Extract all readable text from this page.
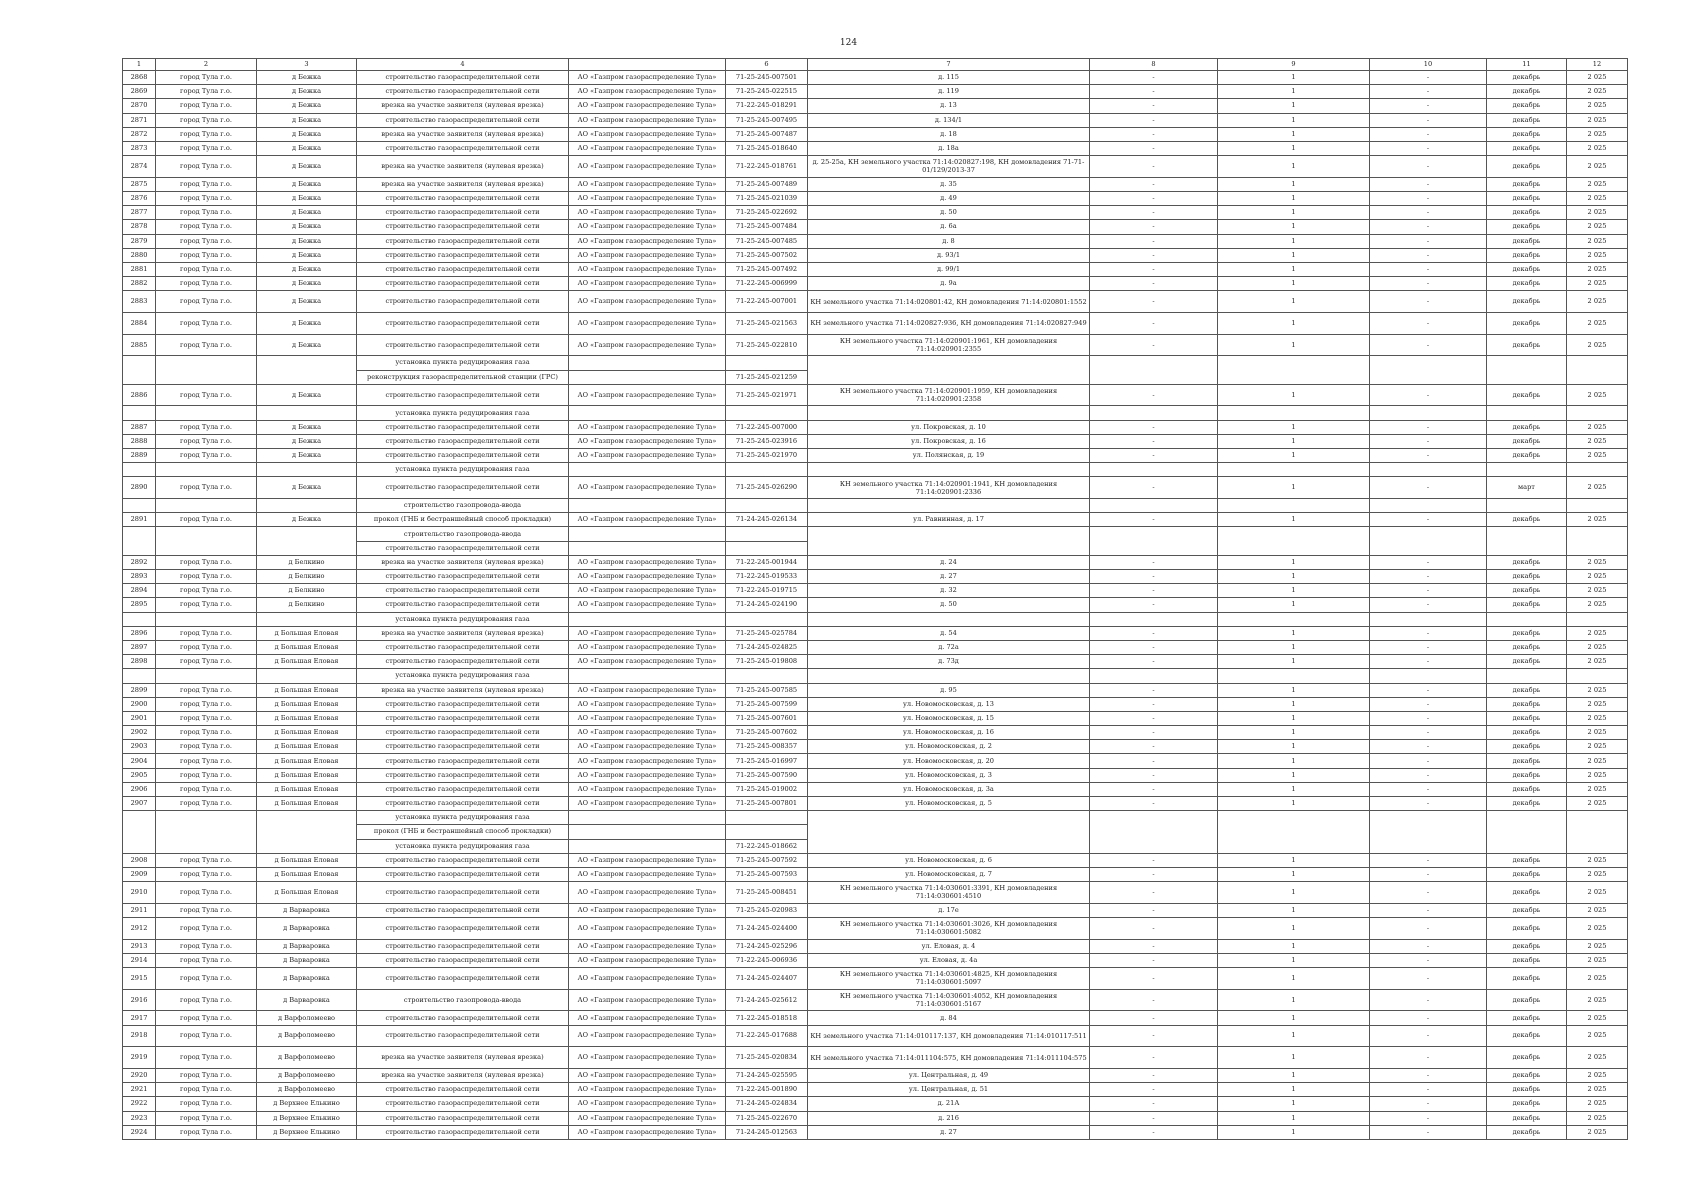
124
1	2	3	4		6	7	8	9	10	11	12
2868	город Тула г.о.	д Бежка	строительство газораспределительной сети	АО «Газпром газораспределение Тула»	71-25-245-007501	д. 115	-	1	-	декабрь	2 025
2869	город Тула г.о.	д Бежка	строительство газораспределительной сети	АО «Газпром газораспределение Тула»	71-25-245-022515	д. 119	-	1	-	декабрь	2 025
2870	город Тула г.о.	д Бежка	врезка на участке заявителя (нулевая врезка)	АО «Газпром газораспределение Тула»	71-22-245-018291	д. 13	-	1	-	декабрь	2 025
2871	город Тула г.о.	д Бежка	строительство газораспределительной сети	АО «Газпром газораспределение Тула»	71-25-245-007495	д. 134/1	-	1	-	декабрь	2 025
2872	город Тула г.о.	д Бежка	врезка на участке заявителя (нулевая врезка)	АО «Газпром газораспределение Тула»	71-25-245-007487	д. 18	-	1	-	декабрь	2 025
2873	город Тула г.о.	д Бежка	строительство газораспределительной сети	АО «Газпром газораспределение Тула»	71-25-245-018640	д. 18а	-	1	-	декабрь	2 025
2874	город Тула г.о.	д Бежка	врезка на участке заявителя (нулевая врезка)	АО «Газпром газораспределение Тула»	71-22-245-018761	д. 25-25а, КН земельного участка 71:14:020827:198, КН домовладения 71-71-01/129/2013-37	-	1	-	декабрь	2 025
2875	город Тула г.о.	д Бежка	врезка на участке заявителя (нулевая врезка)	АО «Газпром газораспределение Тула»	71-25-245-007489	д. 35	-	1	-	декабрь	2 025
2876	город Тула г.о.	д Бежка	строительство газораспределительной сети	АО «Газпром газораспределение Тула»	71-25-245-021039	д. 49	-	1	-	декабрь	2 025
2877	город Тула г.о.	д Бежка	строительство газораспределительной сети	АО «Газпром газораспределение Тула»	71-25-245-022692	д. 50	-	1	-	декабрь	2 025
2878	город Тула г.о.	д Бежка	строительство газораспределительной сети	АО «Газпром газораспределение Тула»	71-25-245-007484	д. 6а	-	1	-	декабрь	2 025
2879	город Тула г.о.	д Бежка	строительство газораспределительной сети	АО «Газпром газораспределение Тула»	71-25-245-007485	д. 8	-	1	-	декабрь	2 025
2880	город Тула г.о.	д Бежка	строительство газораспределительной сети	АО «Газпром газораспределение Тула»	71-25-245-007502	д. 93/1	-	1	-	декабрь	2 025
2881	город Тула г.о.	д Бежка	строительство газораспределительной сети	АО «Газпром газораспределение Тула»	71-25-245-007492	д. 99/1	-	1	-	декабрь	2 025
2882	город Тула г.о.	д Бежка	строительство газораспределительной сети	АО «Газпром газораспределение Тула»	71-22-245-006999	д. 9а	-	1	-	декабрь	2 025
2883	город Тула г.о.	д Бежка	строительство газораспределительной сети	АО «Газпром газораспределение Тула»	71-22-245-007001	КН земельного участка 71:14:020801:42, КН домовладения 71:14:020801:1552	-	1	-	декабрь	2 025
2884	город Тула г.о.	д Бежка	строительство газораспределительной сети	АО «Газпром газораспределение Тула»	71-25-245-021563	КН земельного участка 71:14:020827:936, КН домовладения 71:14:020827:949	-	1	-	декабрь	2 025
2885	город Тула г.о.	д Бежка	строительство газораспределительной сети	АО «Газпром газораспределение Тула»	71-25-245-022810	КН земельного участка 71:14:020901:1961, КН домовладения 71:14:020901:2355	-	1	-	декабрь	2 025
			установка пункта редуцирования газа								
			реконструкция газораспределительной станции (ГРС)		71-25-245-021259						
2886	город Тула г.о.	д Бежка	строительство газораспределительной сети	АО «Газпром газораспределение Тула»	71-25-245-021971	КН земельного участка 71:14:020901:1959, КН домовладения 71:14:020901:2358	-	1	-	декабрь	2 025
			установка пункта редуцирования газа								
2887	город Тула г.о.	д Бежка	строительство газораспределительной сети	АО «Газпром газораспределение Тула»	71-22-245-007000	ул. Покровская, д. 10	-	1	-	декабрь	2 025
2888	город Тула г.о.	д Бежка	строительство газораспределительной сети	АО «Газпром газораспределение Тула»	71-25-245-023916	ул. Покровская, д. 16	-	1	-	декабрь	2 025
2889	город Тула г.о.	д Бежка	строительство газораспределительной сети	АО «Газпром газораспределение Тула»	71-25-245-021970	ул. Полянская, д. 19	-	1	-	декабрь	2 025
			установка пункта редуцирования газа								
2890	город Тула г.о.	д Бежка	строительство газораспределительной сети	АО «Газпром газораспределение Тула»	71-25-245-026290	КН земельного участка 71:14:020901:1941, КН домовладения 71:14:020901:2336	-	1	-	март	2 025
			строительство газопровода-ввода								
2891	город Тула г.о.	д Бежка	прокол (ГНБ и бестраншейный способ прокладки)	АО «Газпром газораспределение Тула»	71-24-245-026134	ул. Равнинная, д. 17	-	1	-	декабрь	2 025
			строительство газопровода-ввода								
			строительство газораспределительной сети								
2892	город Тула г.о.	д Белкино	врезка на участке заявителя (нулевая врезка)	АО «Газпром газораспределение Тула»	71-22-245-001944	д. 24	-	1	-	декабрь	2 025
2893	город Тула г.о.	д Белкино	строительство газораспределительной сети	АО «Газпром газораспределение Тула»	71-22-245-019533	д. 27	-	1	-	декабрь	2 025
2894	город Тула г.о.	д Белкино	строительство газораспределительной сети	АО «Газпром газораспределение Тула»	71-22-245-019715	д. 32	-	1	-	декабрь	2 025
2895	город Тула г.о.	д Белкино	строительство газораспределительной сети	АО «Газпром газораспределение Тула»	71-24-245-024190	д. 50	-	1	-	декабрь	2 025
			установка пункта редуцирования газа								
2896	город Тула г.о.	д Большая Еловая	врезка на участке заявителя (нулевая врезка)	АО «Газпром газораспределение Тула»	71-25-245-025784	д. 54	-	1	-	декабрь	2 025
2897	город Тула г.о.	д Большая Еловая	строительство газораспределительной сети	АО «Газпром газораспределение Тула»	71-24-245-024825	д. 72а	-	1	-	декабрь	2 025
2898	город Тула г.о.	д Большая Еловая	строительство газораспределительной сети	АО «Газпром газораспределение Тула»	71-25-245-019808	д. 73д	-	1	-	декабрь	2 025
			установка пункта редуцирования газа								
2899	город Тула г.о.	д Большая Еловая	врезка на участке заявителя (нулевая врезка)	АО «Газпром газораспределение Тула»	71-25-245-007585	д. 95	-	1	-	декабрь	2 025
2900	город Тула г.о.	д Большая Еловая	строительство газораспределительной сети	АО «Газпром газораспределение Тула»	71-25-245-007599	ул. Новомосковская, д. 13	-	1	-	декабрь	2 025
2901	город Тула г.о.	д Большая Еловая	строительство газораспределительной сети	АО «Газпром газораспределение Тула»	71-25-245-007601	ул. Новомосковская, д. 15	-	1	-	декабрь	2 025
2902	город Тула г.о.	д Большая Еловая	строительство газораспределительной сети	АО «Газпром газораспределение Тула»	71-25-245-007602	ул. Новомосковская, д. 16	-	1	-	декабрь	2 025
2903	город Тула г.о.	д Большая Еловая	строительство газораспределительной сети	АО «Газпром газораспределение Тула»	71-25-245-008357	ул. Новомосковская, д. 2	-	1	-	декабрь	2 025
2904	город Тула г.о.	д Большая Еловая	строительство газораспределительной сети	АО «Газпром газораспределение Тула»	71-25-245-016997	ул. Новомосковская, д. 20	-	1	-	декабрь	2 025
2905	город Тула г.о.	д Большая Еловая	строительство газораспределительной сети	АО «Газпром газораспределение Тула»	71-25-245-007590	ул. Новомосковская, д. 3	-	1	-	декабрь	2 025
2906	город Тула г.о.	д Большая Еловая	строительство газораспределительной сети	АО «Газпром газораспределение Тула»	71-25-245-019002	ул. Новомосковская, д. 3а	-	1	-	декабрь	2 025
2907	город Тула г.о.	д Большая Еловая	строительство газораспределительной сети	АО «Газпром газораспределение Тула»	71-25-245-007801	ул. Новомосковская, д. 5	-	1	-	декабрь	2 025
			установка пункта редуцирования газа								
			прокол (ГНБ и бестраншейный способ прокладки)								
			установка пункта редуцирования газа		71-22-245-018662						
2908	город Тула г.о.	д Большая Еловая	строительство газораспределительной сети	АО «Газпром газораспределение Тула»	71-25-245-007592	ул. Новомосковская, д. 6	-	1	-	декабрь	2 025
2909	город Тула г.о.	д Большая Еловая	строительство газораспределительной сети	АО «Газпром газораспределение Тула»	71-25-245-007593	ул. Новомосковская, д. 7	-	1	-	декабрь	2 025
2910	город Тула г.о.	д Большая Еловая	строительство газораспределительной сети	АО «Газпром газораспределение Тула»	71-25-245-008451	КН земельного участка 71:14:030601:3391, КН домовладения 71:14:030601:4510	-	1	-	декабрь	2 025
2911	город Тула г.о.	д Варваровка	строительство газораспределительной сети	АО «Газпром газораспределение Тула»	71-25-245-020983	д. 17е	-	1	-	декабрь	2 025
2912	город Тула г.о.	д Варваровка	строительство газораспределительной сети	АО «Газпром газораспределение Тула»	71-24-245-024400	КН земельного участка 71:14:030601:3026, КН домовладения 71:14:030601:5082	-	1	-	декабрь	2 025
2913	город Тула г.о.	д Варваровка	строительство газораспределительной сети	АО «Газпром газораспределение Тула»	71-24-245-025296	ул. Еловая, д. 4	-	1	-	декабрь	2 025
2914	город Тула г.о.	д Варваровка	строительство газораспределительной сети	АО «Газпром газораспределение Тула»	71-22-245-006936	ул. Еловая, д. 4а	-	1	-	декабрь	2 025
2915	город Тула г.о.	д Варваровка	строительство газораспределительной сети	АО «Газпром газораспределение Тула»	71-24-245-024407	КН земельного участка 71:14:030601:4825, КН домовладения 71:14:030601:5097	-	1	-	декабрь	2 025
2916	город Тула г.о.	д Варваровка	строительство газопровода-ввода	АО «Газпром газораспределение Тула»	71-24-245-025612	КН земельного участка 71:14:030601:4052, КН домовладения 71:14:030601:5167	-	1	-	декабрь	2 025
2917	город Тула г.о.	д Варфоломеево	строительство газораспределительной сети	АО «Газпром газораспределение Тула»	71-22-245-018518	д. 84	-	1	-	декабрь	2 025
2918	город Тула г.о.	д Варфоломеево	строительство газораспределительной сети	АО «Газпром газораспределение Тула»	71-22-245-017688	КН земельного участка 71:14:010117:137, КН домовладения 71:14:010117:511	-	1	-	декабрь	2 025
2919	город Тула г.о.	д Варфоломеево	врезка на участке заявителя (нулевая врезка)	АО «Газпром газораспределение Тула»	71-25-245-020834	КН земельного участка 71:14:011104:575, КН домовладения 71:14:011104:575	-	1	-	декабрь	2 025
2920	город Тула г.о.	д Варфоломеево	врезка на участке заявителя (нулевая врезка)	АО «Газпром газораспределение Тула»	71-24-245-025595	ул. Центральная, д. 49	-	1	-	декабрь	2 025
2921	город Тула г.о.	д Варфоломеево	строительство газораспределительной сети	АО «Газпром газораспределение Тула»	71-22-245-001890	ул. Центральная, д. 51	-	1	-	декабрь	2 025
2922	город Тула г.о.	д Верхнее Елькино	строительство газораспределительной сети	АО «Газпром газораспределение Тула»	71-24-245-024834	д. 21А	-	1	-	декабрь	2 025
2923	город Тула г.о.	д Верхнее Елькино	строительство газораспределительной сети	АО «Газпром газораспределение Тула»	71-25-245-022670	д. 216	-	1	-	декабрь	2 025
2924	город Тула г.о.	д Верхнее Елькино	строительство газораспределительной сети	АО «Газпром газораспределение Тула»	71-24-245-012563	д. 27	-	1	-	декабрь	2 025
